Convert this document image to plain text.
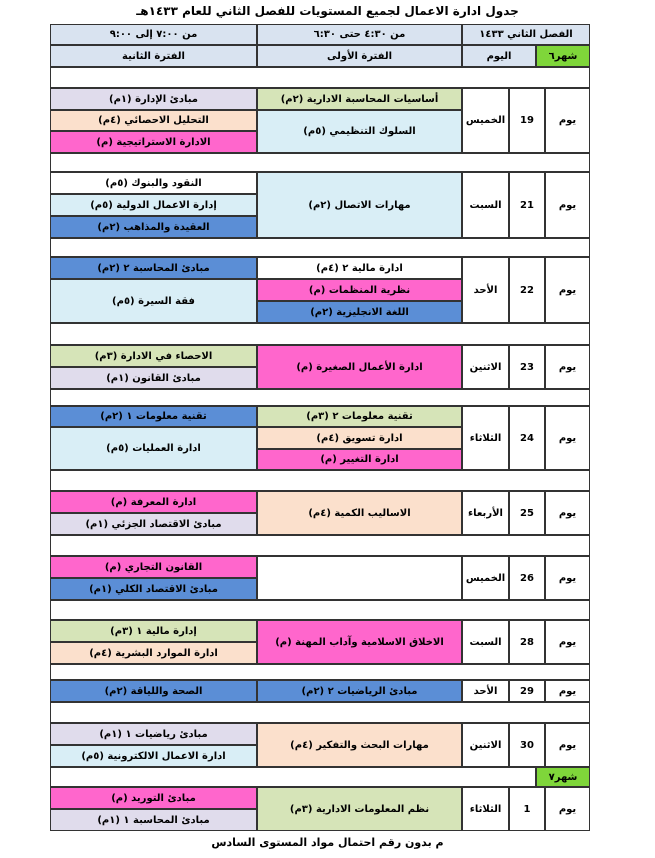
جدول ادارة الاعمال لجميع المستويات للفصل الثاني للعام ١٤٣٣هـ
الفصل الثاني ١٤٣٣
من ٤:٣٠ حتى ٦:٣٠
من ٧:٠٠ إلى ٩:٠٠
اليوم	شهر٦
الفترة الأولى
الفترة الثانية
شهر٧
يوم
19
الخميس
أساسيات المحاسبة الادارية (٢م)
السلوك التنظيمي (٥م)
مبادئ الإدارة (١م)
التحليل الاحصائي (٤م)
الادارة الاستراتيجية (م)
يوم
21
السبت
مهارات الاتصال (٢م)
النقود والبنوك (٥م)
إدارة الاعمال الدولية (٥م)
العقيدة والمذاهب (٢م)
يوم
22
الأحد
ادارة مالية ٢ (٤م)
نظرية المنظمات (م)
اللغة الانجليزية (٢م)
مبادئ المحاسبة ٢ (٢م)
فقة السيرة (٥م)
يوم
23
الاثنين
ادارة الأعمال الصغيرة (م)
الاحصاء في الادارة (٣م)
مبادئ القانون (١م)
يوم
24
الثلاثاء
تقنية معلومات ٢ (٣م)
ادارة تسويق (٤م)
ادارة التغيير (م)
تقنية معلومات ١ (٢م)
ادارة العمليات (٥م)
يوم
25
الأربعاء
الاساليب الكمية (٤م)
ادارة المعرفة (م)
مبادئ الاقتصاد الجزئي (١م)
يوم
26
الخميس
القانون التجاري (م)
مبادئ الاقتصاد الكلي (١م)
يوم
28
السبت
الاخلاق الاسلامية وآداب المهنة (م)
إدارة مالية ١ (٣م)
ادارة الموارد البشرية (٤م)
يوم
29
الأحد
مبادئ الرياضيات ٢ (٢م)
الصحة واللياقة (٢م)
يوم
30
الاثنين
مهارات البحث والتفكير (٤م)
مبادئ رياضيات ١ (١م)
ادارة الاعمال الالكترونية (٥م)
يوم
1
الثلاثاء
نظم المعلومات الادارية (٣م)
مبادئ التوريد (م)
مبادئ المحاسبة ١ (١م)
م بدون رقم احتمال مواد المستوى السادس
